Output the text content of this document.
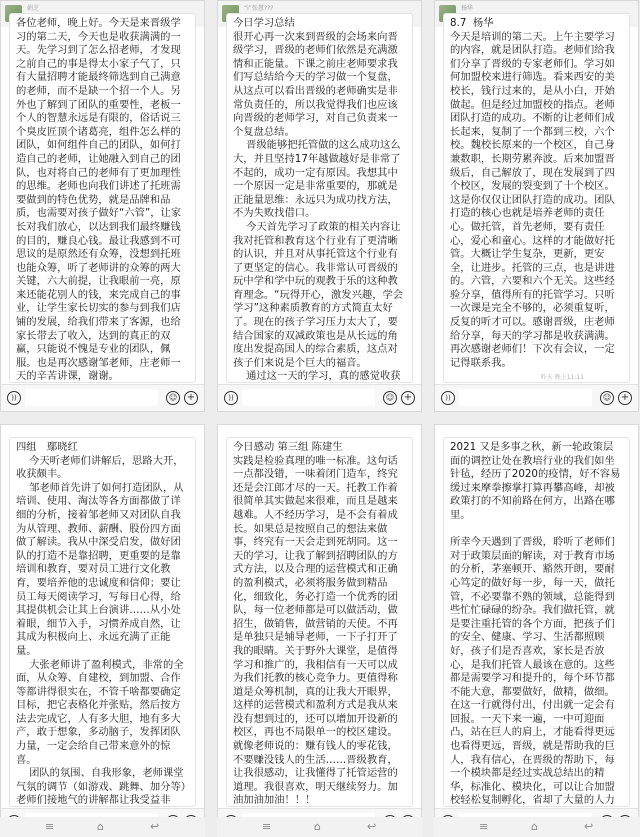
娟芝

各位老师，晚上好。今天是来晋级学习的第二天，今天也是收获满满的一天。先学习到了怎么招老师，才发现之前自己的事是得太小家子气了，只有大量招聘才能最终筛选到自己满意的老师，而不是缺一个招一个人。另外也了解到了团队的重要性，老板一个人的智慧永远是有限的，俗话说三个臭皮匠顶个诸葛亮，组件怎么样的团队，如何组件自己的团队，如何打造自己的老师，让她融入到自己的团队，也对将自己的老师有了更加理性的思维。老师也向我们讲述了托班需要做到的特色优势，就是品牌和品质，也需要对孩子做好“六管”，让家长对我们放心，以达到我们最终赚钱的目的，赚良心钱。最让我感到不可思议的是原然还有众筹，没想到托班也能众筹，听了老师讲的众筹的两大关键，六大前提，让我眼前一亮，原来还能花别人的钱，来完成自己的事业，让学生家长切实的参与到我们店铺的发展，给我们带来了客源，也给家长带去了收入，达到的真正的双赢，只能说不愧是专业的团队，佩服。也是再次感谢邹老师，庄老师一天的辛苦讲课，谢谢。

))	☺ +
“i”张慧???

今日学习总结
很开心再一次来到晋级的会场来向晋级学习，晋级的老师们依然是充满激情和正能量。下课之前庄老师要求我们写总结给今天的学习做一个复盘，从这点可以看出晋级的老师确实是非常负责任的，所以我觉得我们也应该向晋级的老师学习，对自己负责来一个复盘总结。
晋级能够把托管做的这么成功这么大，并且坚持17年越做越好是非常了不起的，成功一定有原因。我想其中一个原因一定是非常重要的，那就是正能量思维：永远只为成功找方法，不为失败找借口。
今天首先学习了政策的相关内容让我对托管和教育这个行业有了更清晰的认识，并且对从事托管这个行业有了更坚定的信心。我非常认可晋级的玩中学和学中玩的观教于乐的这种教育理念。“玩得开心，激发兴趣，学会学习”这种素质教育的方式简直太好了。现在的孩子学习压力太大了，要结合国家的双减政策也是从长远的角度出发提高国人的综合素质，这点对孩子们来说是个巨大的福音。
通过这一天的学习，真的感觉收获

))	☺ +
杨华

8.7  杨华
今天是培训的第二天。上午主要学习的内容，就是团队打造。老师们给我们分享了晋级的专家老师们。学习如何加盟校来进行筛选。看来西安的美校长，钱行过来的，是从小白，开始做起。但是经过加盟校的指点。老师团队打造的成功。不断的让老师们成长起来，复制了一个都到三校，六个校。魏校长原来的一个校区，自己身兼数职，长期劳累奔波。后来加盟晋级后，自己解放了，现在发展到了四个校区，发展的裂变到了十个校区。这是你仅仅让团队打造的成功。团队打造的核心也就是培养老师的责任心。做托管，首先老师，要有责任心，爱心和童心。这样的才能做好托管。大概让学生复杂，更新，更安全，让进步。托管的三点，也是讲进的。六管，六要和六个无关。这些经验分享，值得所有的托管学习。只听一次课是完全不够的，必须重复听，反复的听才可以。感谢晋级，庄老师给分享，每天的学习都是收获满满。再次感谢老师们！下次有会议，一定记得联系我。

昨天 晚上11:11
))	☺ +

四组　鄢晓红
今天听老师们讲解后，思路大开，收获颇丰。
邹老师首先讲了如何打造团队，从培训、使用、淘汰等各方面都做了详细的分析，接着邹老师又对团队自我为从管理、教师、薪酬、股份四方面做了解读。我从中深受启发，做好团队的打造不是靠招聘，更重要的是靠培训和教育，要对员工进行文化教育，要培养他的忠诚度和信仰；要让员工每天阅读学习，写每日心得，给其提供机会让其上台演讲……从小处着眼，细节入手，习惯养成自然，让其成为积极向上、永远充满了正能量。
大张老师讲了盈利模式，非常的全面，从众筹、自建校，到加盟、合作等都讲得很实在，不管千啥都要确定目标，把它表格化并张贴，然后按方法去完成它，人有多大胆，地有多大产，敢于想象，多动脑子，发挥团队力量，一定会给自己带来意外的惊喜。
团队的氛围、自我形象，老师课堂气氛的调节（如游戏、跳舞、加分等）老师们接地气的讲解都让我受益非

今日感动 第三组 陈建生
实践是检验真理的唯一标准。这句话一点都没错，一味着闭门造车，终究还是会江郎才尽的一天。托教工作着很简单其实做起来很难，而且是越来越难。人不经历学习，是不会有着成长。如果总是按照自己的想法来做事，终究有一天会走到死胡同。这一天的学习，让我了解到招聘团队的方式方法，以及合理的运营模式和正确的盈利模式，必须将服务做到精品化，细致化，务必打造一个优秀的团队，每一位老师都是可以做活动，做招生，做销售，做营销的天使。不再是单独只是辅导老师，一下子打开了我的眼睛。关于野外大课堂，是值得学习和推广的，我相信有一天可以成为我们托教的核心竞争力。更值得称道是众筹机制，真的让我大开眼界，这样的运营模式和盈利方式是我从来没有想到过的，还可以增加开设新的校区，再也不局限单一的校区建设。就像老师说的：赚有钱人的零花钱，不要赚没钱人的生活……晋级教育，让我很感动，让我懂得了托管运营的道理。我很喜欢，明天继续努力。加油加油加油！！！

2021 又是多事之秋，新一轮政策层面的调控让处在教培行业的我们如坐针毡，经历了2020的疫情，好不容易缓过来摩拳擦掌打算再攀高峰，却被政策打的不知前路在何方，出路在哪里。

所幸今天遇到了晋级，聆听了老师们对于政策层面的解读，对于教育市场的分析，茅塞顿开、豁然开朗，要耐心笃定的做好每一步，每一天，做托管，不必要靠不熟的领域，总能得到些忙忙碌碌的纷杂。我们做托管，就是要注重托管的各个方面，把孩子们的安全、健康、学习、生活都照顾好，孩子们是否喜欢，家长是否放心，是我们托管人最该在意的。这些都是需要学习和提升的，每个环节都不能大意，都要做好，做精，做细。在这一行就得付出，付出就一定会有回报。一天下来一遍，一中可迎面凸，站在巨人的肩上，才能看得更远也看得更远，晋级，就是帮助我的巨人，我有信心，在晋级的帮助下，每一个模块都是经过实战总结出的精华，标准化、模块化，可以让合加盟校轻松复制孵化，省却了大量的人力

≡	⌂	↩	≡	⌂	↩	≡	⌂	↩
